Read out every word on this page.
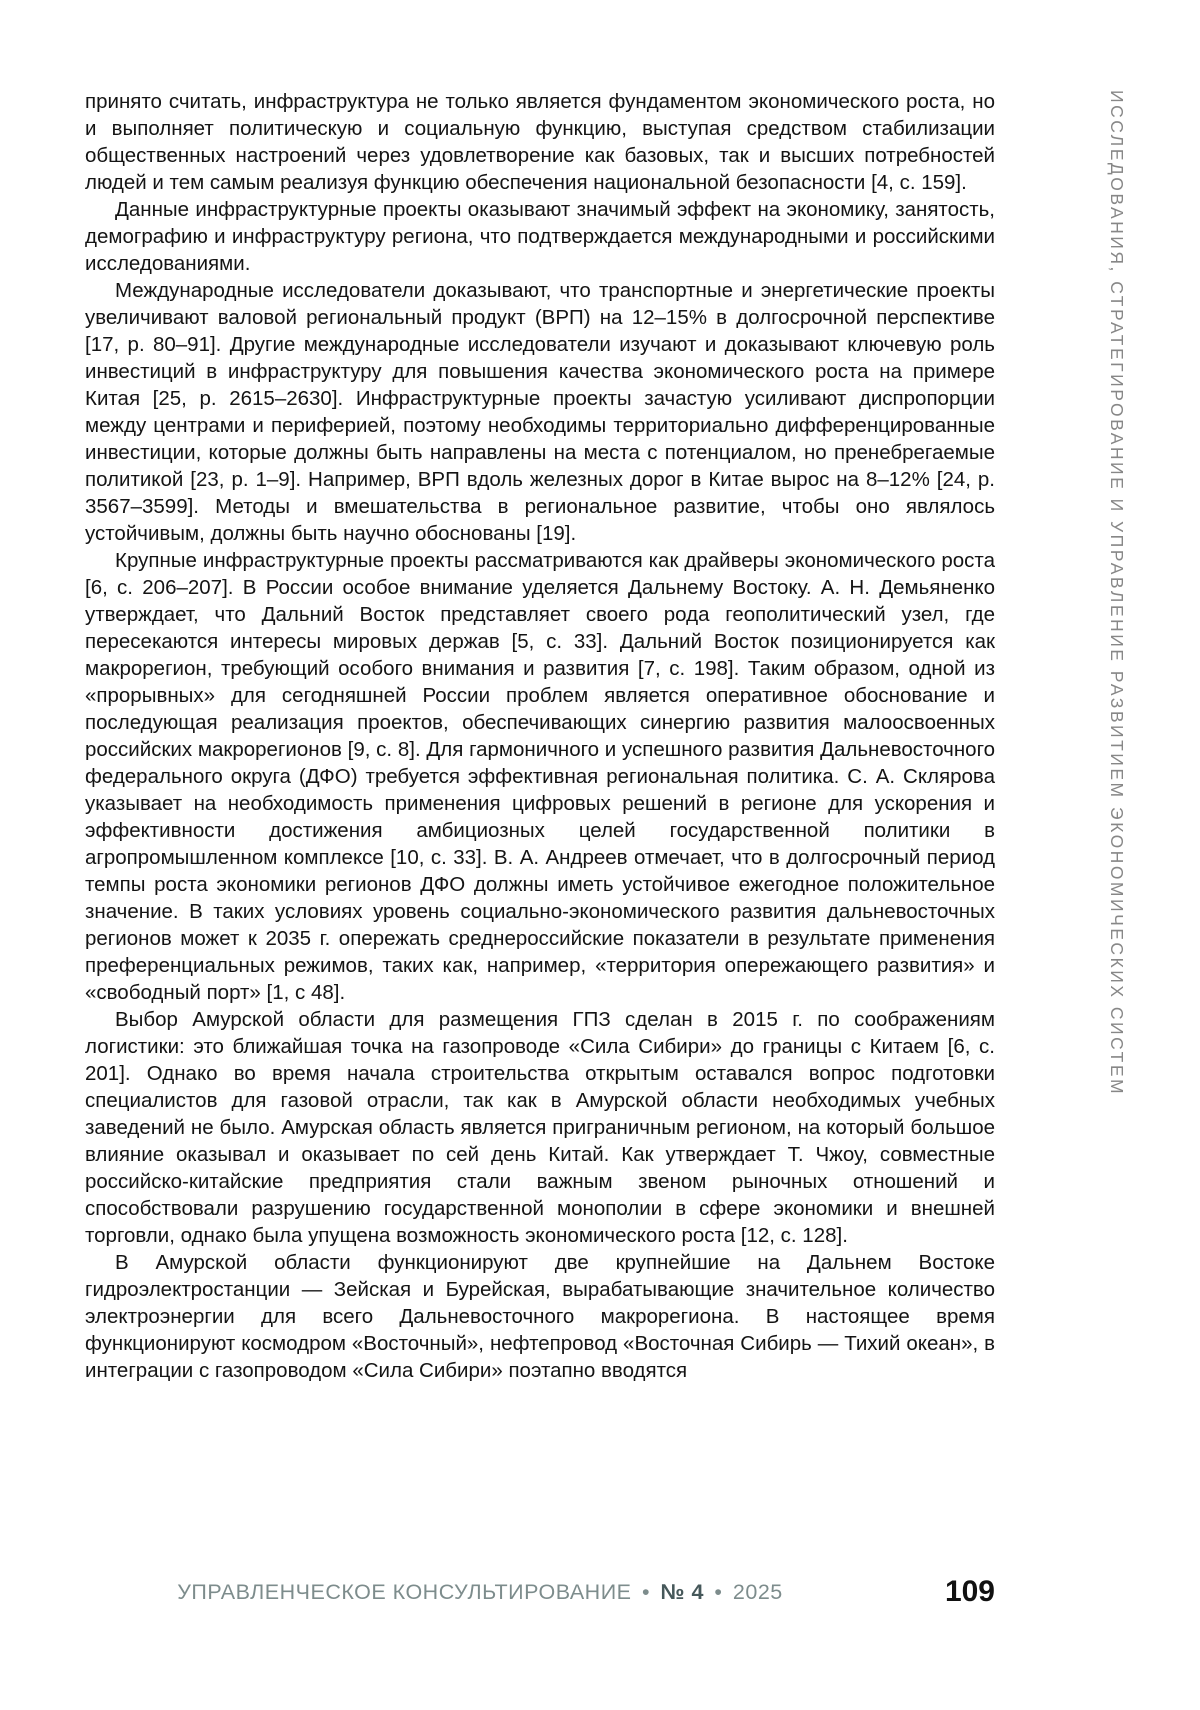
принято считать, инфраструктура не только является фундаментом экономического роста, но и выполняет политическую и социальную функцию, выступая средством стабилизации общественных настроений через удовлетворение как базовых, так и высших потребностей людей и тем самым реализуя функцию обеспечения национальной безопасности [4, с. 159].

Данные инфраструктурные проекты оказывают значимый эффект на экономику, занятость, демографию и инфраструктуру региона, что подтверждается международными и российскими исследованиями.

Международные исследователи доказывают, что транспортные и энергетические проекты увеличивают валовой региональный продукт (ВРП) на 12–15% в долгосрочной перспективе [17, p. 80–91]. Другие международные исследователи изучают и доказывают ключевую роль инвестиций в инфраструктуру для повышения качества экономического роста на примере Китая [25, p. 2615–2630]. Инфраструктурные проекты зачастую усиливают диспропорции между центрами и периферией, поэтому необходимы территориально дифференцированные инвестиции, которые должны быть направлены на места с потенциалом, но пренебрегаемые политикой [23, p. 1–9]. Например, ВРП вдоль железных дорог в Китае вырос на 8–12% [24, p. 3567–3599]. Методы и вмешательства в региональное развитие, чтобы оно являлось устойчивым, должны быть научно обоснованы [19].

Крупные инфраструктурные проекты рассматриваются как драйверы экономического роста [6, с. 206–207]. В России особое внимание уделяется Дальнему Востоку. А. Н. Демьяненко утверждает, что Дальний Восток представляет своего рода геополитический узел, где пересекаются интересы мировых держав [5, с. 33]. Дальний Восток позиционируется как макрорегион, требующий особого внимания и развития [7, с. 198]. Таким образом, одной из «прорывных» для сегодняшней России проблем является оперативное обоснование и последующая реализация проектов, обеспечивающих синергию развития малоосвоенных российских макрорегионов [9, с. 8]. Для гармоничного и успешного развития Дальневосточного федерального округа (ДФО) требуется эффективная региональная политика. С. А. Склярова указывает на необходимость применения цифровых решений в регионе для ускорения и эффективности достижения амбициозных целей государственной политики в агропромышленном комплексе [10, с. 33]. В. А. Андреев отмечает, что в долгосрочный период темпы роста экономики регионов ДФО должны иметь устойчивое ежегодное положительное значение. В таких условиях уровень социально-экономического развития дальневосточных регионов может к 2035 г. опережать среднероссийские показатели в результате применения преференциальных режимов, таких как, например, «территория опережающего развития» и «свободный порт» [1, с 48].

Выбор Амурской области для размещения ГПЗ сделан в 2015 г. по соображениям логистики: это ближайшая точка на газопроводе «Сила Сибири» до границы с Китаем [6, с. 201]. Однако во время начала строительства открытым оставался вопрос подготовки специалистов для газовой отрасли, так как в Амурской области необходимых учебных заведений не было. Амурская область является приграничным регионом, на который большое влияние оказывал и оказывает по сей день Китай. Как утверждает Т. Чжоу, совместные российско-китайские предприятия стали важным звеном рыночных отношений и способствовали разрушению государственной монополии в сфере экономики и внешней торговли, однако была упущена возможность экономического роста [12, с. 128].

В Амурской области функционируют две крупнейшие на Дальнем Востоке гидроэлектростанции — Зейская и Бурейская, вырабатывающие значительное количество электроэнергии для всего Дальневосточного макрорегиона. В настоящее время функционируют космодром «Восточный», нефтепровод «Восточная Сибирь — Тихий океан», в интеграции с газопроводом «Сила Сибири» поэтапно вводятся

ИССЛЕДОВАНИЯ, СТРАТЕГИРОВАНИЕ И УПРАВЛЕНИЕ РАЗВИТИЕМ ЭКОНОМИЧЕСКИХ СИСТЕМ
УПРАВЛЕНЧЕСКОЕ КОНСУЛЬТИРОВАНИЕ • № 4 • 2025	109
